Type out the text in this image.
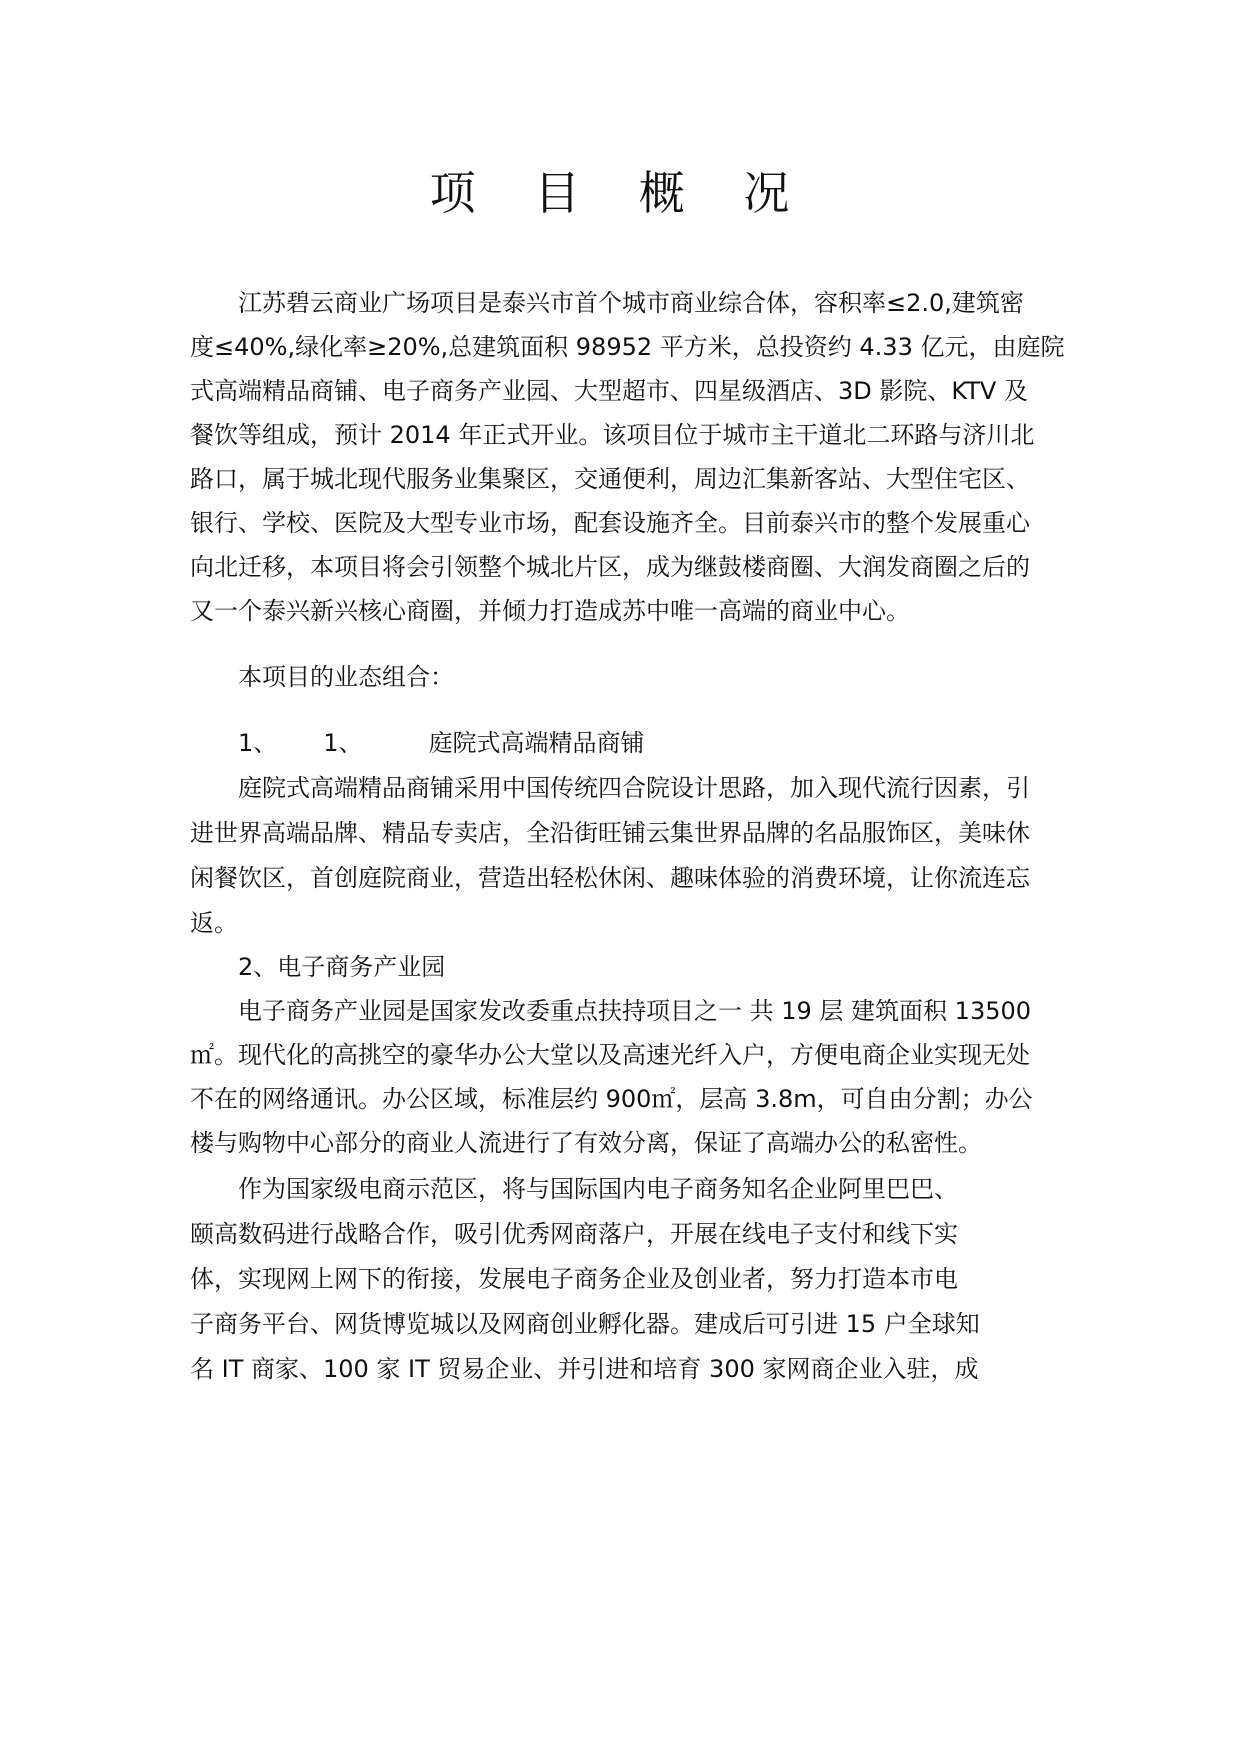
项 目 概 况
江苏碧云商业广场项目是泰兴市首个城市商业综合体，容积率≤2.0,建筑密
度≤40%,绿化率≥20%,总建筑面积 98952 平方米，总投资约 4.33 亿元，由庭院
式高端精品商铺、电子商务产业园、大型超市、四星级酒店、3D 影院、KTV 及
餐饮等组成，预计 2014 年正式开业。该项目位于城市主干道北二环路与济川北
路口，属于城北现代服务业集聚区，交通便利，周边汇集新客站、大型住宅区、
银行、学校、医院及大型专业市场，配套设施齐全。目前泰兴市的整个发展重心
向北迁移，本项目将会引领整个城北片区，成为继鼓楼商圈、大润发商圈之后的
又一个泰兴新兴核心商圈，并倾力打造成苏中唯一高端的商业中心。
本项目的业态组合：
1、 1、	庭院式高端精品商铺
庭院式高端精品商铺采用中国传统四合院设计思路，加入现代流行因素，引
进世界高端品牌、精品专卖店，全沿街旺铺云集世界品牌的名品服饰区，美味休
闲餐饮区，首创庭院商业，营造出轻松休闲、趣味体验的消费环境，让你流连忘
返。
2、电子商务产业园
电子商务产业园是国家发改委重点扶持项目之一 共 19 层 建筑面积 13500
㎡。现代化的高挑空的豪华办公大堂以及高速光纤入户，方便电商企业实现无处
不在的网络通讯。办公区域，标准层约 900㎡，层高 3.8m，可自由分割；办公
楼与购物中心部分的商业人流进行了有效分离，保证了高端办公的私密性。
作为国家级电商示范区，将与国际国内电子商务知名企业阿里巴巴、
颐高数码进行战略合作，吸引优秀网商落户，开展在线电子支付和线下实
体，实现网上网下的衔接，发展电子商务企业及创业者，努力打造本市电
子商务平台、网货博览城以及网商创业孵化器。建成后可引进 15 户全球知
名 IT 商家、100 家 IT 贸易企业、并引进和培育 300 家网商企业入驻，成
